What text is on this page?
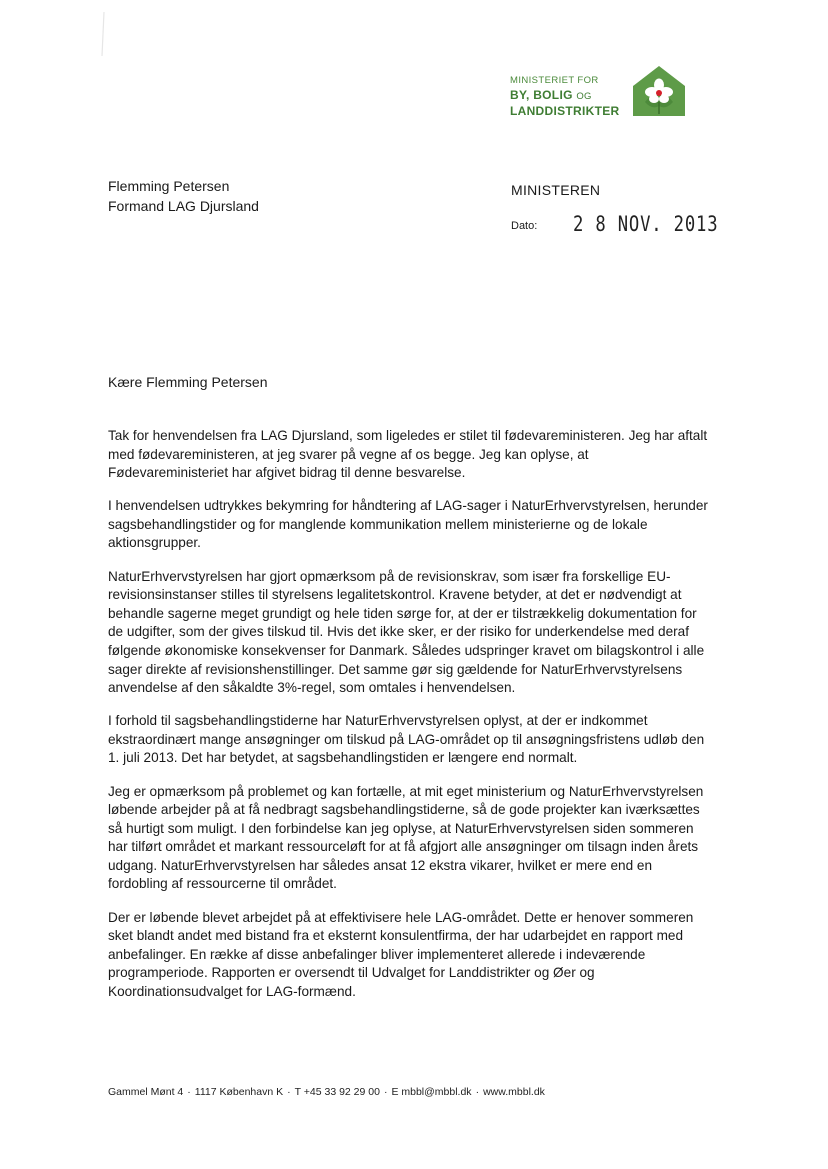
MINISTERIET FOR
BY, BOLIG OG
LANDDISTRIKTER
Flemming Petersen
Formand LAG Djursland
MINISTEREN
Dato: 2 8 NOV. 2013
Kære Flemming Petersen

Tak for henvendelsen fra LAG Djursland, som ligeledes er stilet til fødevareministeren. Jeg har aftalt med fødevareministeren, at jeg svarer på vegne af os begge. Jeg kan oplyse, at Fødevareministeriet har afgivet bidrag til denne besvarelse.

I henvendelsen udtrykkes bekymring for håndtering af LAG-sager i NaturErhvervstyrelsen, herunder sagsbehandlingstider og for manglende kommunikation mellem ministerierne og de lokale aktionsgrupper.

NaturErhvervstyrelsen har gjort opmærksom på de revisionskrav, som især fra forskellige EU-revisionsinstanser stilles til styrelsens legalitetskontrol. Kravene betyder, at det er nødvendigt at behandle sagerne meget grundigt og hele tiden sørge for, at der er tilstrækkelig dokumentation for de udgifter, som der gives tilskud til. Hvis det ikke sker, er der risiko for underkendelse med deraf følgende økonomiske konsekvenser for Danmark. Således udspringer kravet om bilagskontrol i alle sager direkte af revisionshenstillinger. Det samme gør sig gældende for NaturErhvervstyrelsens anvendelse af den såkaldte 3%-regel, som omtales i henvendelsen.

I forhold til sagsbehandlingstiderne har NaturErhvervstyrelsen oplyst, at der er indkommet ekstraordinært mange ansøgninger om tilskud på LAG-området op til ansøgningsfristens udløb den 1. juli 2013. Det har betydet, at sagsbehandlingstiden er længere end normalt.

Jeg er opmærksom på problemet og kan fortælle, at mit eget ministerium og NaturErhvervstyrelsen løbende arbejder på at få nedbragt sagsbehandlingstiderne, så de gode projekter kan iværksættes så hurtigt som muligt. I den forbindelse kan jeg oplyse, at NaturErhvervstyrelsen siden sommeren har tilført området et markant ressourceløft for at få afgjort alle ansøgninger om tilsagn inden årets udgang. NaturErhvervstyrelsen har således ansat 12 ekstra vikarer, hvilket er mere end en fordobling af ressourcerne til området.

Der er løbende blevet arbejdet på at effektivisere hele LAG-området. Dette er henover sommeren sket blandt andet med bistand fra et eksternt konsulentfirma, der har udarbejdet en rapport med anbefalinger. En række af disse anbefalinger bliver implementeret allerede i indeværende programperiode. Rapporten er oversendt til Udvalget for Landdistrikter og Øer og Koordinationsudvalget for LAG-formænd.

Gammel Mønt 4 · 1117 København K · T +45 33 92 29 00 · E mbbl@mbbl.dk · www.mbbl.dk
